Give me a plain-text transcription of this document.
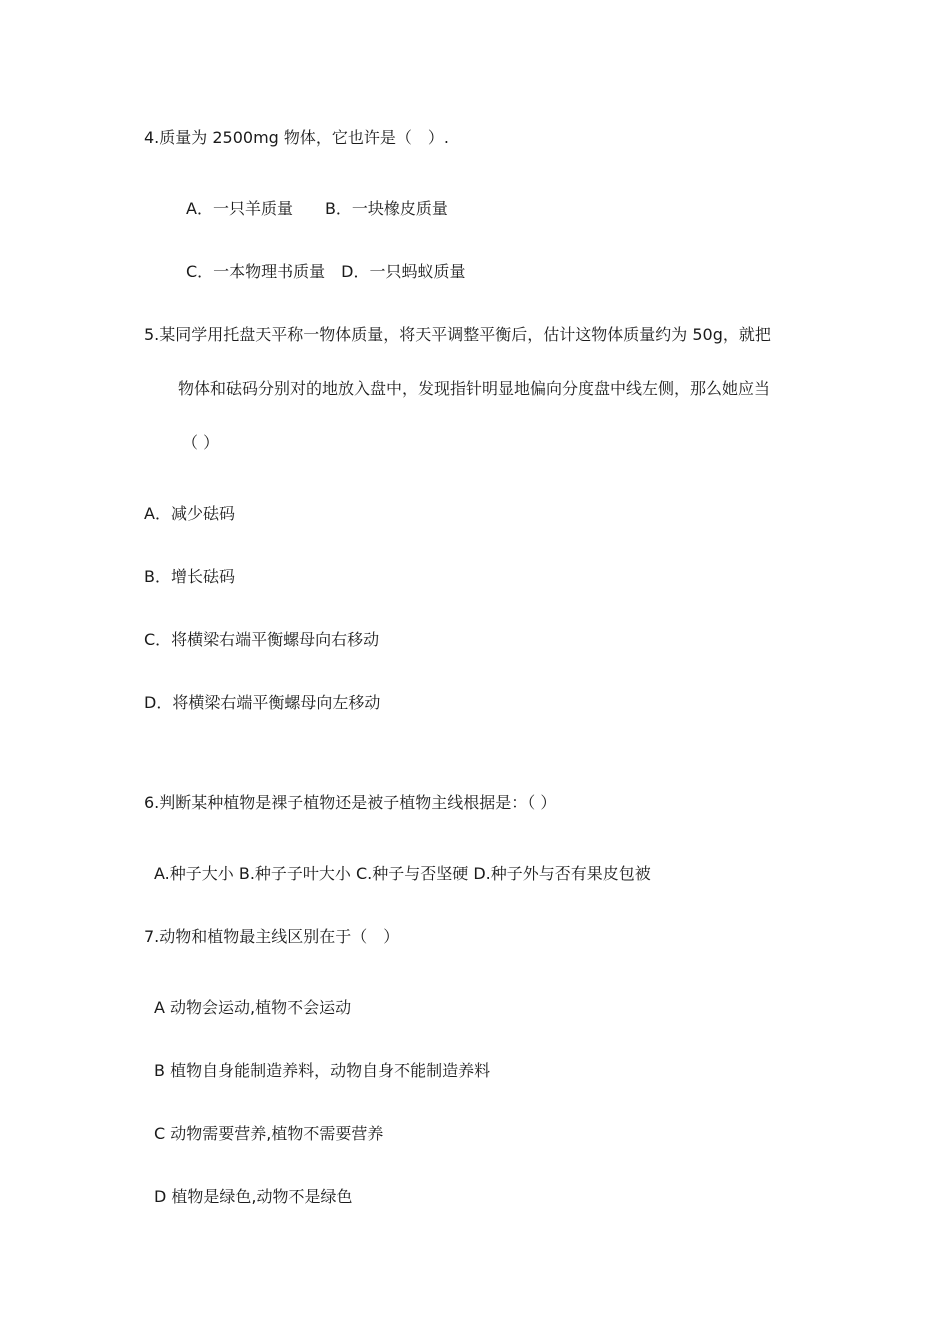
4.质量为 2500mg 物体，它也许是（　）.
A．一只羊质量　　B．一块橡皮质量
C．一本物理书质量　D．一只蚂蚁质量
5.某同学用托盘天平称一物体质量，将天平调整平衡后，估计这物体质量约为 50g，就把
物体和砝码分别对的地放入盘中，发现指针明显地偏向分度盘中线左侧，那么她应当
（ ）
A．减少砝码
B．增长砝码
C．将横梁右端平衡螺母向右移动
D．将横梁右端平衡螺母向左移动
6.判断某种植物是裸子植物还是被子植物主线根据是：（ ）
A.种子大小 B.种子子叶大小 C.种子与否坚硬 D.种子外与否有果皮包被
7.动物和植物最主线区别在于（　）
A 动物会运动,植物不会运动
B 植物自身能制造养料，动物自身不能制造养料
C 动物需要营养,植物不需要营养
D 植物是绿色,动物不是绿色
